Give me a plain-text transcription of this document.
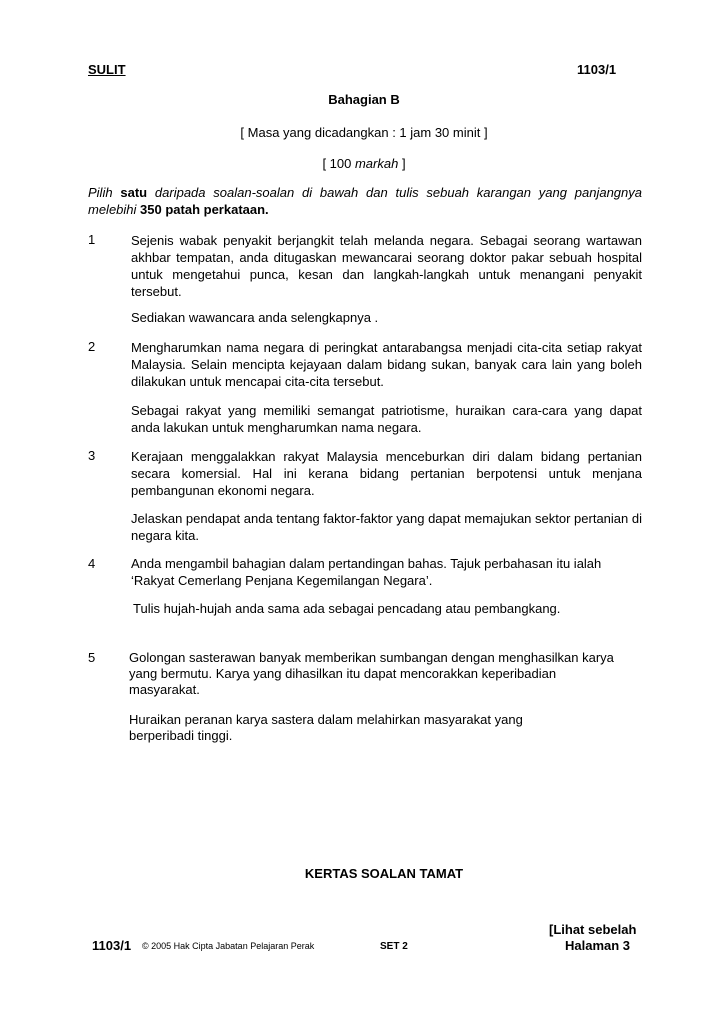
SULIT	1103/1
Bahagian B
[ Masa yang dicadangkan : 1 jam 30 minit ]
[ 100 markah ]
Pilih satu daripada soalan-soalan di bawah dan tulis sebuah karangan yang panjangnya melebihi 350 patah perkataan.
1	Sejenis wabak penyakit berjangkit telah melanda negara. Sebagai seorang wartawan akhbar tempatan, anda ditugaskan mewancarai seorang doktor pakar sebuah hospital untuk mengetahui punca, kesan dan langkah-langkah untuk menangani penyakit tersebut.
Sediakan wawancara anda selengkapnya .
2	Mengharumkan nama negara di peringkat antarabangsa menjadi cita-cita setiap rakyat Malaysia. Selain mencipta kejayaan dalam bidang sukan, banyak cara lain yang boleh dilakukan untuk mencapai cita-cita tersebut.
Sebagai rakyat yang memiliki semangat patriotisme, huraikan cara-cara yang dapat anda lakukan untuk mengharumkan nama negara.
3	Kerajaan menggalakkan rakyat Malaysia menceburkan diri dalam bidang pertanian secara komersial. Hal ini kerana bidang pertanian berpotensi untuk menjana pembangunan ekonomi negara.
Jelaskan pendapat anda tentang faktor-faktor yang dapat memajukan sektor pertanian di negara kita.
4	Anda mengambil bahagian dalam pertandingan bahas. Tajuk perbahasan itu ialah
‘Rakyat Cemerlang Penjana Kegemilangan Negara’.
Tulis hujah-hujah anda sama ada sebagai pencadang atau pembangkang.
5	Golongan sasterawan banyak memberikan sumbangan dengan menghasilkan karya
yang bermutu. Karya yang dihasilkan itu dapat mencorakkan keperibadian
masyarakat.
Huraikan peranan karya sastera dalam melahirkan masyarakat yang
berperibadi tinggi.
KERTAS SOALAN TAMAT
[Lihat sebelah
1103/1 © 2005 Hak Cipta Jabatan Pelajaran Perak	SET 2	Halaman 3
